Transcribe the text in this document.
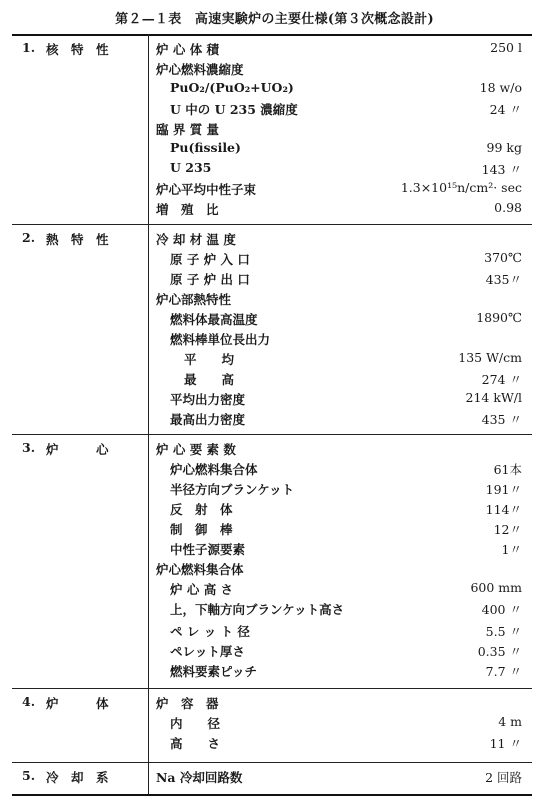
第２—１表　高速実験炉の主要仕様(第３次概念設計)
1. 核　特　性	炉 心 体 積	250 l
炉心燃料濃縮度
PuO₂/(PuO₂+UO₂)	18 w/o
U 中の U 235 濃縮度	24 〃
臨 界 質 量
Pu(fissile)	99 kg
U 235	143 〃
炉心平均中性子束	1.3×10¹⁵n/cm²· sec
増　殖　比	0.98
2. 熱　特　性	冷 却 材 温 度
原 子 炉 入 口	370℃
原 子 炉 出 口	435〃
炉心部熱特性
燃料体最高温度	1890℃
燃料棒単位長出力
平　　均	135 W/cm
最　　高	274 〃
平均出力密度	214 kW/l
最高出力密度	435 〃
3. 炉　　　心	炉 心 要 素 数
炉心燃料集合体	61本
半径方向ブランケット	191〃
反　射　体	114〃
制　御　棒	12〃
中性子源要素	1〃
炉心燃料集合体
炉 心 高 さ	600 mm
上，下軸方向ブランケット高さ	400 〃
ペ レ ッ ト 径	5.5 〃
ペレット厚さ	0.35 〃
燃料要素ピッチ	7.7 〃
4. 炉　　　体	炉　容　器
内　　径	4 m
高　　さ	11 〃
5. 冷　却　系	Na 冷却回路数	2 回路
